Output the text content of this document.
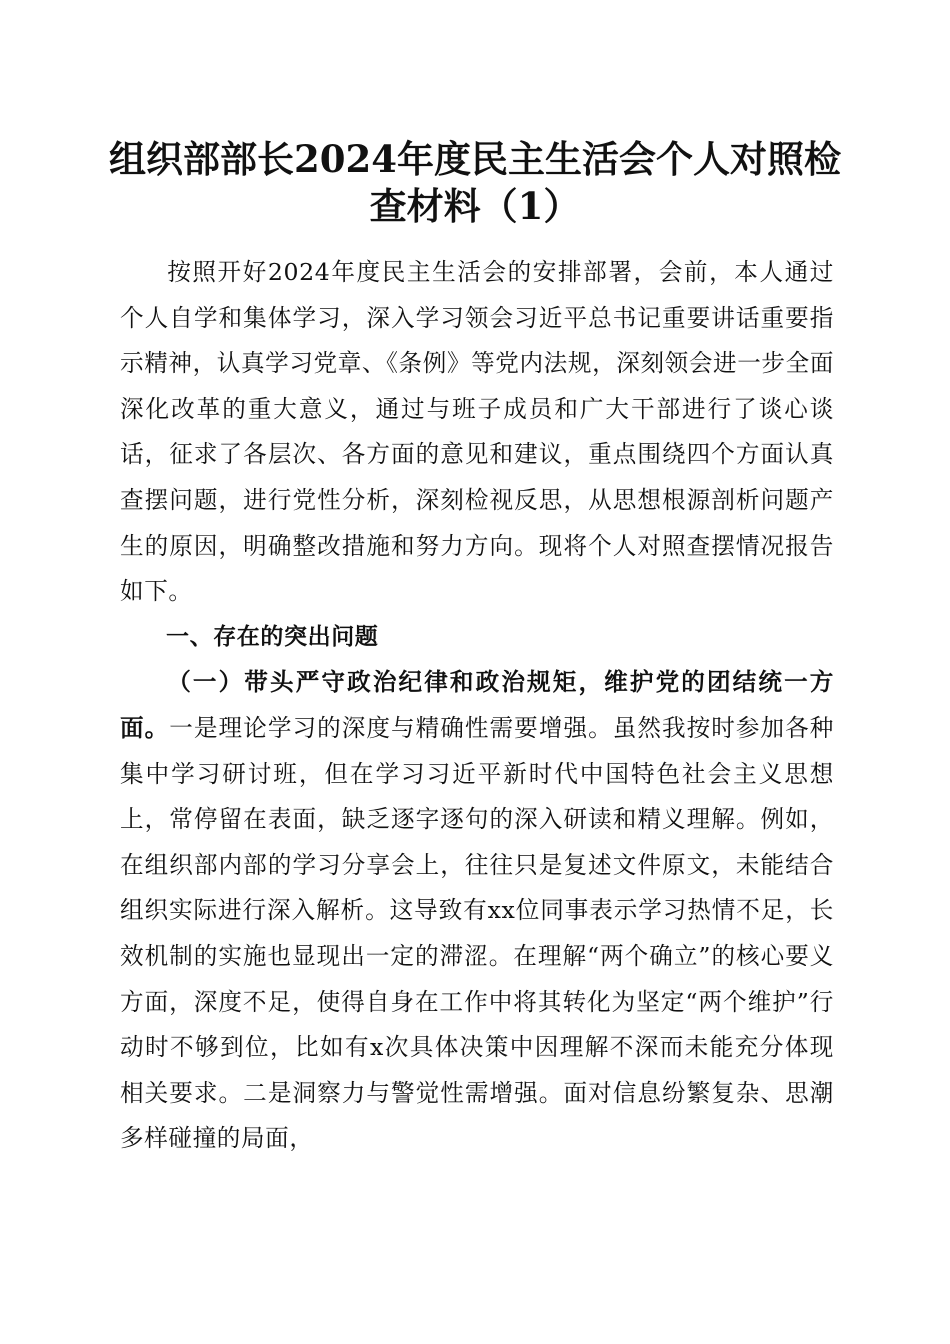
组织部部长2024年度民主生活会个人对照检
查材料（1）

按照开好2024年度民主生活会的安排部署，会前，本人通过个人自学和集体学习，深入学习领会习近平总书记重要讲话重要指示精神，认真学习党章、《条例》等党内法规，深刻领会进一步全面深化改革的重大意义，通过与班子成员和广大干部进行了谈心谈话，征求了各层次、各方面的意见和建议，重点围绕四个方面认真查摆问题，进行党性分析，深刻检视反思，从思想根源剖析问题产生的原因，明确整改措施和努力方向。现将个人对照查摆情况报告如下。

一、存在的突出问题

（一）带头严守政治纪律和政治规矩，维护党的团结统一方面。一是理论学习的深度与精确性需要增强。虽然我按时参加各种集中学习研讨班，但在学习习近平新时代中国特色社会主义思想上，常停留在表面，缺乏逐字逐句的深入研读和精义理解。例如，在组织部内部的学习分享会上，往往只是复述文件原文，未能结合组织实际进行深入解析。这导致有xx位同事表示学习热情不足，长效机制的实施也显现出一定的滞涩。在理解“两个确立”的核心要义方面，深度不足，使得自身在工作中将其转化为坚定“两个维护”行动时不够到位，比如有x次具体决策中因理解不深而未能充分体现相关要求。二是洞察力与警觉性需增强。面对信息纷繁复杂、思潮多样碰撞的局面，
